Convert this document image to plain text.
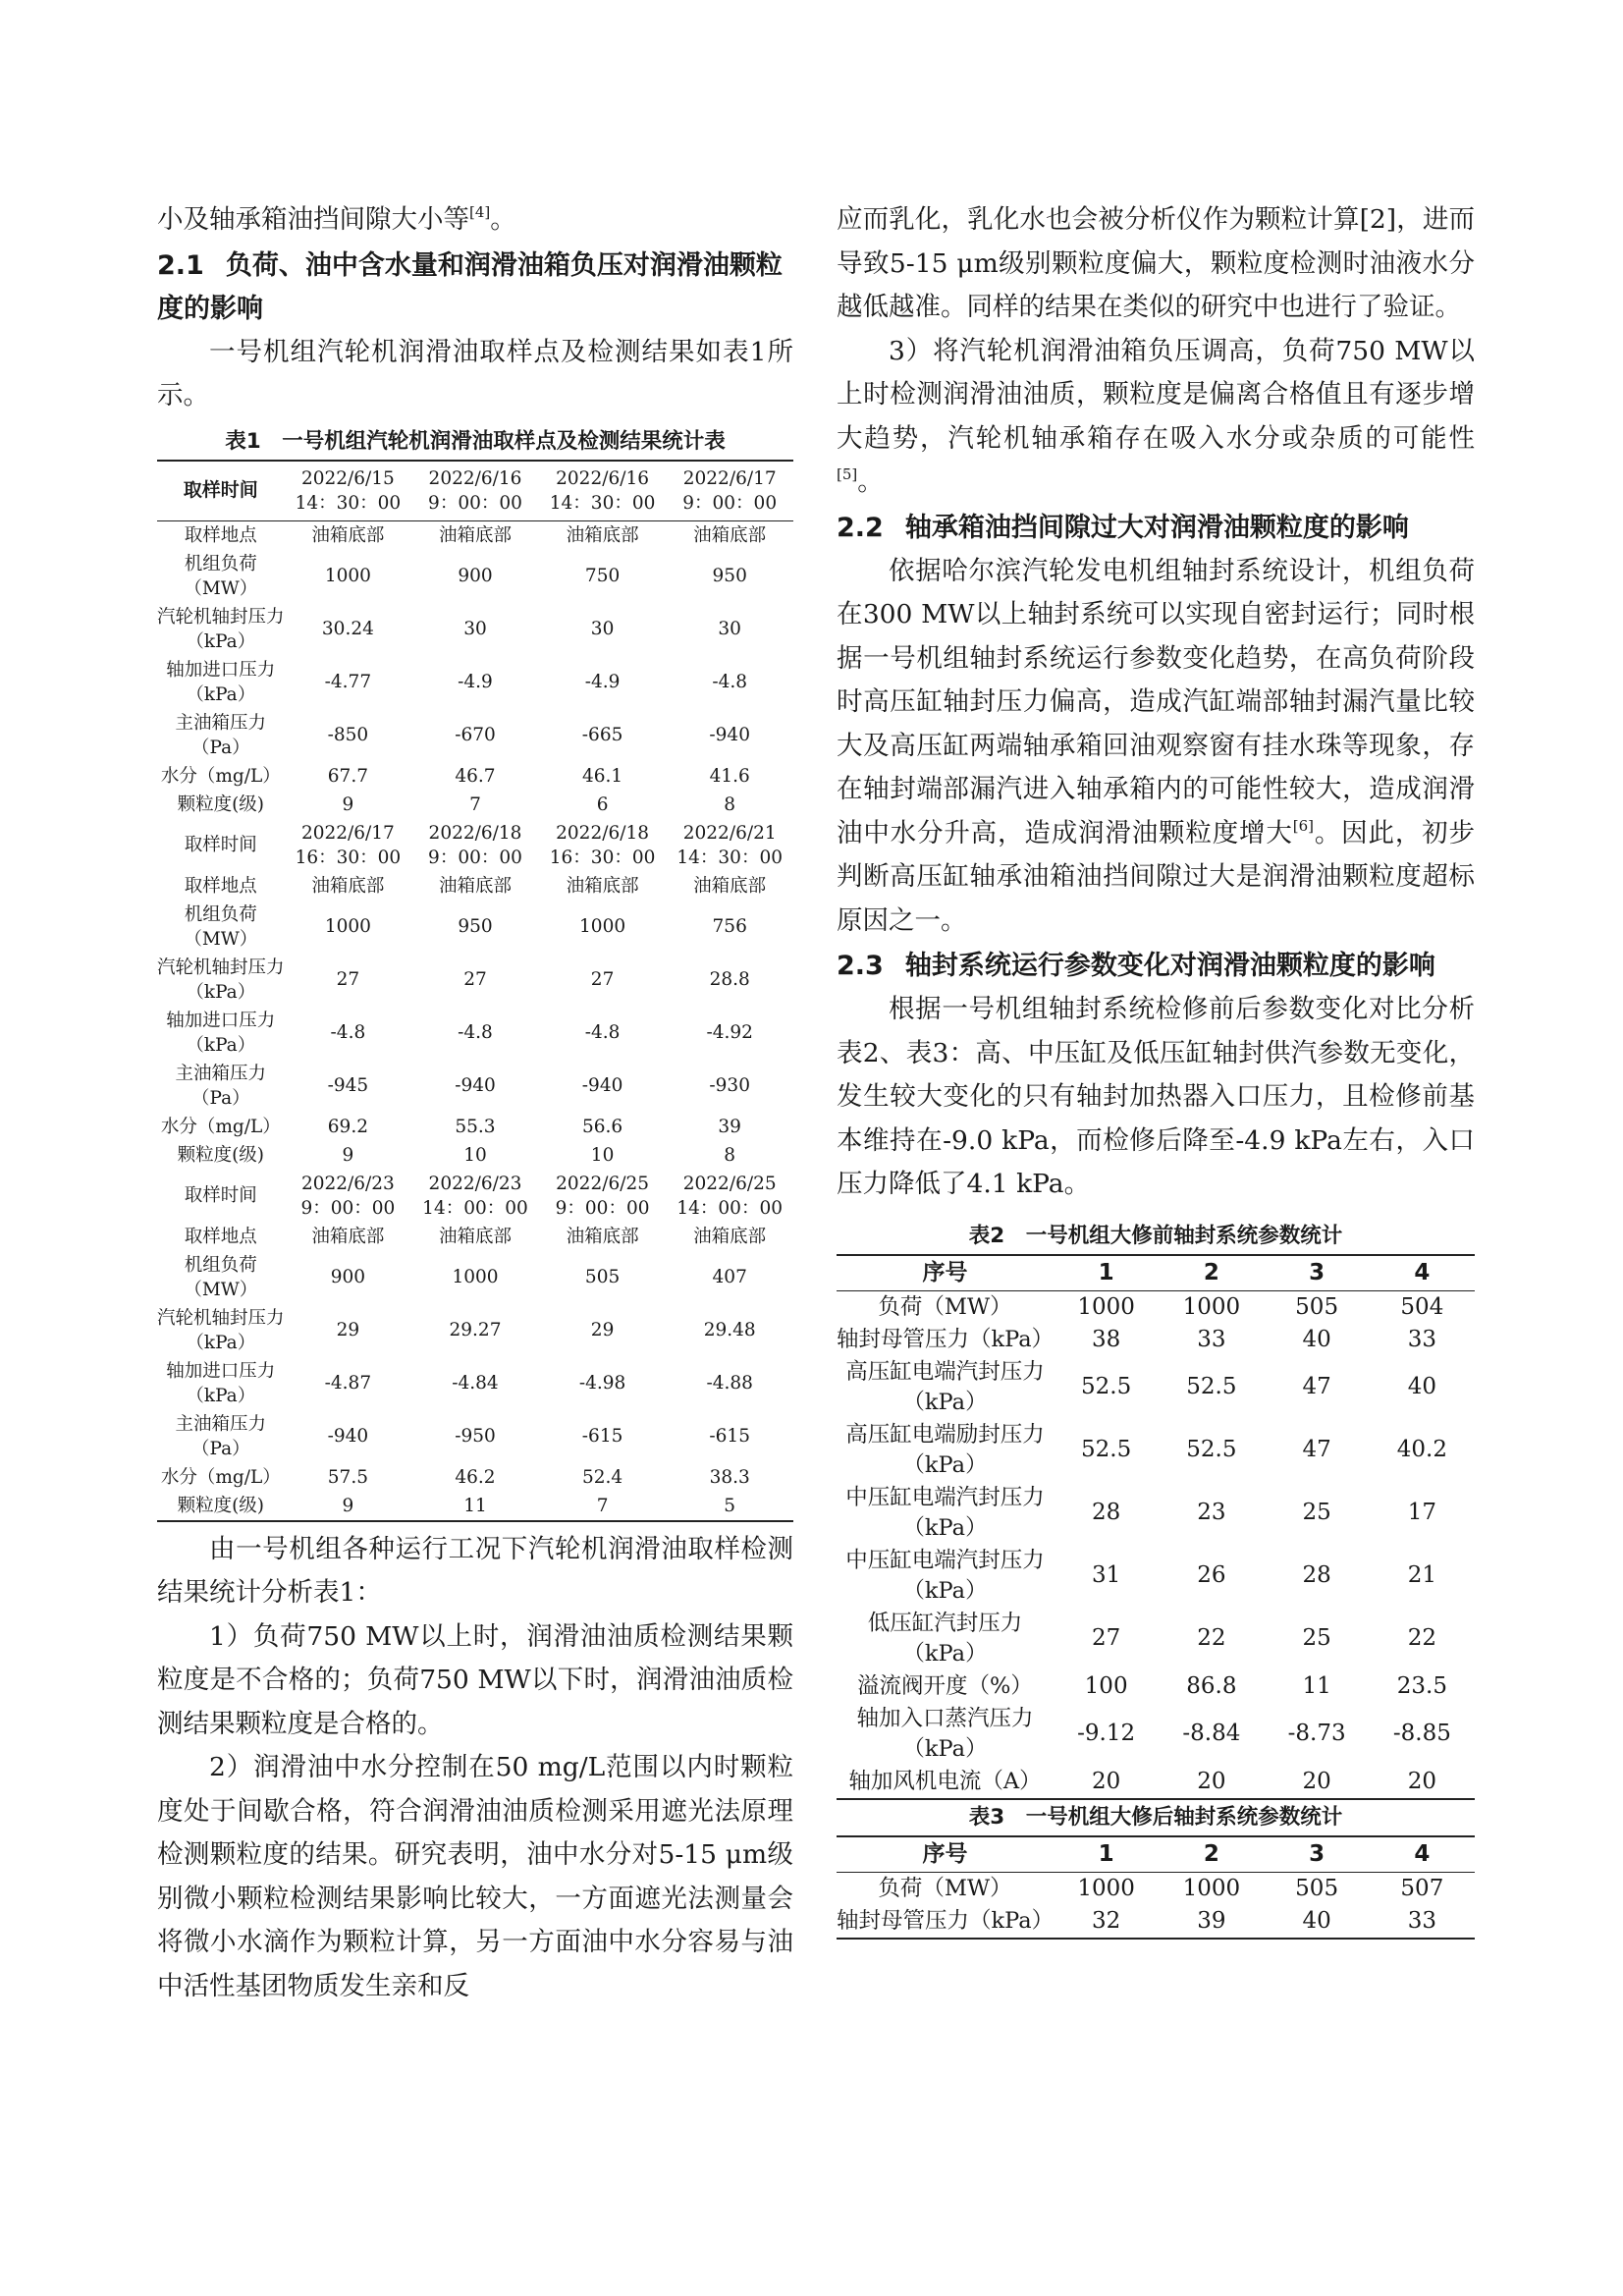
小及轴承箱油挡间隙大小等[4]。

2.1 负荷、油中含水量和润滑油箱负压对润滑油颗粒度的影响

一号机组汽轮机润滑油取样点及检测结果如表1所示。

表1　一号机组汽轮机润滑油取样点及检测结果统计表
取样时间	2022/6/15 14：30：00	2022/6/16 9：00：00	2022/6/16 14：30：00	2022/6/17 9：00：00
取样地点	油箱底部	油箱底部	油箱底部	油箱底部
机组负荷（MW）	1000	900	750	950
汽轮机轴封压力（kPa）	30.24	30	30	30
轴加进口压力（kPa）	-4.77	-4.9	-4.9	-4.8
主油箱压力（Pa）	-850	-670	-665	-940
水分（mg/L）	67.7	46.7	46.1	41.6
颗粒度(级)	9	7	6	8
取样时间	2022/6/17 16：30：00	2022/6/18 9：00：00	2022/6/18 16：30：00	2022/6/21 14：30：00
取样地点	油箱底部	油箱底部	油箱底部	油箱底部
机组负荷（MW）	1000	950	1000	756
汽轮机轴封压力（kPa）	27	27	27	28.8
轴加进口压力（kPa）	-4.8	-4.8	-4.8	-4.92
主油箱压力（Pa）	-945	-940	-940	-930
水分（mg/L）	69.2	55.3	56.6	39
颗粒度(级)	9	10	10	8
取样时间	2022/6/23 9：00：00	2022/6/23 14：00：00	2022/6/25 9：00：00	2022/6/25 14：00：00
取样地点	油箱底部	油箱底部	油箱底部	油箱底部
机组负荷（MW）	900	1000	505	407
汽轮机轴封压力（kPa）	29	29.27	29	29.48
轴加进口压力（kPa）	-4.87	-4.84	-4.98	-4.88
主油箱压力（Pa）	-940	-950	-615	-615
水分（mg/L）	57.5	46.2	52.4	38.3
颗粒度(级)	9	11	7	5

由一号机组各种运行工况下汽轮机润滑油取样检测结果统计分析表1：

1）负荷750 MW以上时，润滑油油质检测结果颗粒度是不合格的；负荷750 MW以下时，润滑油油质检测结果颗粒度是合格的。

2）润滑油中水分控制在50 mg/L范围以内时颗粒度处于间歇合格，符合润滑油油质检测采用遮光法原理检测颗粒度的结果。研究表明，油中水分对5-15 μm级别微小颗粒检测结果影响比较大，一方面遮光法测量会将微小水滴作为颗粒计算，另一方面油中水分容易与油中活性基团物质发生亲和反

应而乳化，乳化水也会被分析仪作为颗粒计算[2]，进而导致5-15 μm级别颗粒度偏大，颗粒度检测时油液水分越低越准。同样的结果在类似的研究中也进行了验证。

3）将汽轮机润滑油箱负压调高，负荷750 MW以上时检测润滑油油质，颗粒度是偏离合格值且有逐步增大趋势，汽轮机轴承箱存在吸入水分或杂质的可能性[5]。

2.2 轴承箱油挡间隙过大对润滑油颗粒度的影响

依据哈尔滨汽轮发电机组轴封系统设计，机组负荷在300 MW以上轴封系统可以实现自密封运行；同时根据一号机组轴封系统运行参数变化趋势，在高负荷阶段时高压缸轴封压力偏高，造成汽缸端部轴封漏汽量比较大及高压缸两端轴承箱回油观察窗有挂水珠等现象，存在轴封端部漏汽进入轴承箱内的可能性较大，造成润滑油中水分升高，造成润滑油颗粒度增大[6]。因此，初步判断高压缸轴承油箱油挡间隙过大是润滑油颗粒度超标原因之一。

2.3 轴封系统运行参数变化对润滑油颗粒度的影响

根据一号机组轴封系统检修前后参数变化对比分析表2、表3：高、中压缸及低压缸轴封供汽参数无变化，发生较大变化的只有轴封加热器入口压力，且检修前基本维持在-9.0 kPa，而检修后降至-4.9 kPa左右，入口压力降低了4.1 kPa。

表2　一号机组大修前轴封系统参数统计
序号	1	2	3	4
负荷（MW）	1000	1000	505	504
轴封母管压力（kPa）	38	33	40	33
高压缸电端汽封压力（kPa）	52.5	52.5	47	40
高压缸电端励封压力（kPa）	52.5	52.5	47	40.2
中压缸电端汽封压力（kPa）	28	23	25	17
中压缸电端汽封压力（kPa）	31	26	28	21
低压缸汽封压力（kPa）	27	22	25	22
溢流阀开度（%）	100	86.8	11	23.5
轴加入口蒸汽压力（kPa）	-9.12	-8.84	-8.73	-8.85
轴加风机电流（A）	20	20	20	20
表3　一号机组大修后轴封系统参数统计
序号	1	2	3	4
负荷（MW）	1000	1000	505	507
轴封母管压力（kPa）	32	39	40	33
